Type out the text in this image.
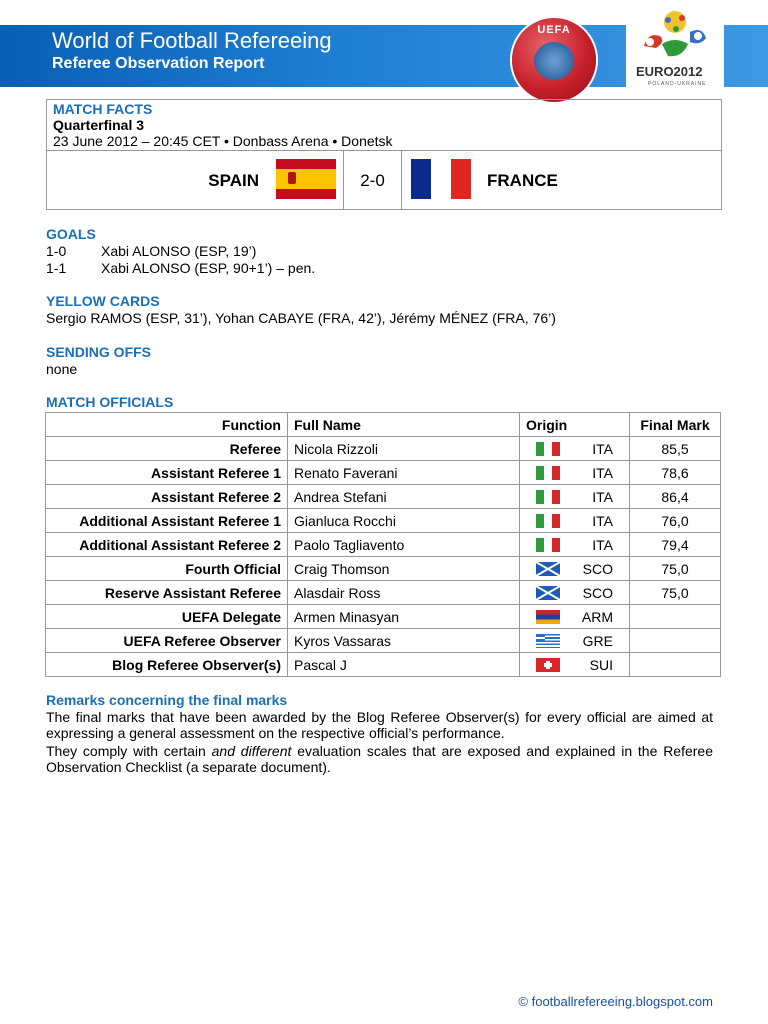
World of Football Refereeing
Referee Observation Report
UEFA
EURO2012
POLAND-UKRAINE
MATCH FACTS
Quarterfinal 3
23 June 2012 – 20:45 CET • Donbass Arena • Donetsk
SPAIN	2-0	FRANCE
GOALS
1-0 Xabi ALONSO (ESP, 19’)
1-1 Xabi ALONSO (ESP, 90+1’) – pen.
YELLOW CARDS
Sergio RAMOS (ESP, 31’), Yohan CABAYE (FRA, 42’), Jérémy MÉNEZ (FRA, 76’)
SENDING OFFS
none
MATCH OFFICIALS
Function	Full Name	Origin	Final Mark
Referee	Nicola Rizzoli	ITA	85,5
Assistant Referee 1	Renato Faverani	ITA	78,6
Assistant Referee 2	Andrea Stefani	ITA	86,4
Additional Assistant Referee 1	Gianluca Rocchi	ITA	76,0
Additional Assistant Referee 2	Paolo Tagliavento	ITA	79,4
Fourth Official	Craig Thomson	SCO	75,0
Reserve Assistant Referee	Alasdair Ross	SCO	75,0
UEFA Delegate	Armen Minasyan	ARM	

UEFA Referee Observer	Kyros Vassaras	GRE	

Blog Referee Observer(s)	Pascal J	SUI	

Remarks concerning the final marks
The final marks that have been awarded by the Blog Referee Observer(s) for every official are aimed at expressing a general assessment on the respective official’s performance.
They comply with certain and different evaluation scales that are exposed and explained in the Referee Observation Checklist (a separate document).
© footballrefereeing.blogspot.com
